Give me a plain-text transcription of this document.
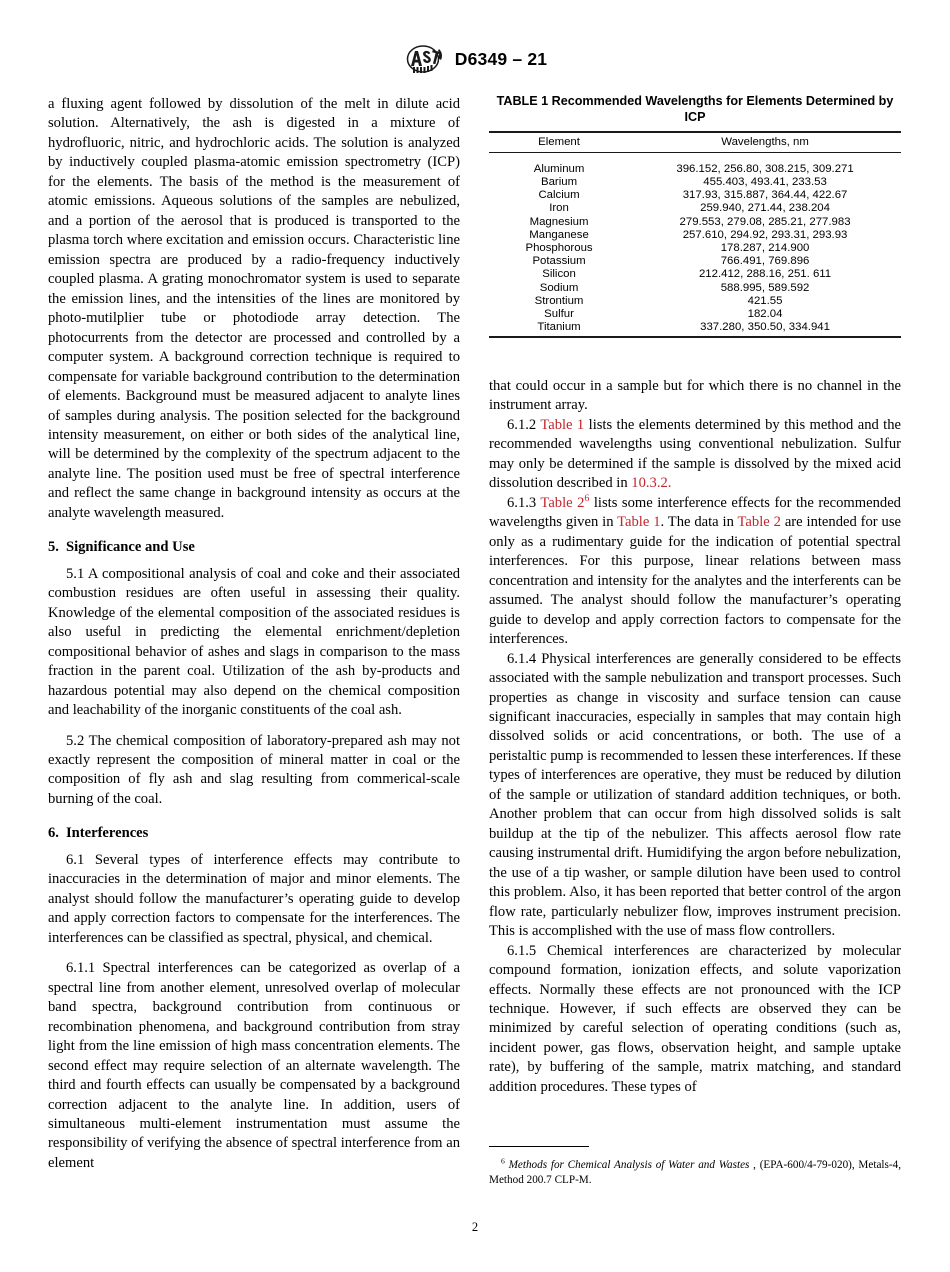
D6349 – 21
TABLE 1 Recommended Wavelengths for Elements Determined by ICP
Element	Wavelengths, nm

Aluminum	396.152, 256.80, 308.215, 309.271
Barium	455.403, 493.41, 233.53
Calcium	317.93, 315.887, 364.44, 422.67
Iron	259.940, 271.44, 238.204
Magnesium	279.553, 279.08, 285.21, 277.983
Manganese	257.610, 294.92, 293.31, 293.93
Phosphorous	178.287, 214.900
Potassium	766.491, 769.896
Silicon	212.412, 288.16, 251. 611
Sodium	588.995, 589.592
Strontium	421.55
Sulfur	182.04
Titanium	337.280, 350.50, 334.941

a fluxing agent followed by dissolution of the melt in dilute acid solution. Alternatively, the ash is digested in a mixture of hydrofluoric, nitric, and hydrochloric acids. The solution is analyzed by inductively coupled plasma-atomic emission spectrometry (ICP) for the elements. The basis of the method is the measurement of atomic emissions. Aqueous solutions of the samples are nebulized, and a portion of the aerosol that is produced is transported to the plasma torch where excitation and emission occurs. Characteristic line emission spectra are produced by a radio-frequency inductively coupled plasma. A grating monochromator system is used to separate the emission lines, and the intensities of the lines are monitored by photo-mutilplier tube or photodiode array detection. The photocurrents from the detector are processed and controlled by a computer system. A background correction technique is required to compensate for variable background contribution to the determination of elements. Background must be measured adjacent to analyte lines of samples during analysis. The position selected for the background intensity measurement, on either or both sides of the analytical line, will be determined by the complexity of the spectrum adjacent to the analyte line. The position used must be free of spectral interference and reflect the same change in background intensity as occurs at the analyte wavelength measured.

5. Significance and Use

5.1 A compositional analysis of coal and coke and their associated combustion residues are often useful in assessing their quality. Knowledge of the elemental composition of the associated residues is also useful in predicting the elemental enrichment/depletion compositional behavior of ashes and slags in comparison to the mass fraction in the parent coal. Utilization of the ash by-products and hazardous potential may also depend on the chemical composition and leachability of the inorganic constituents of the coal ash.

5.2 The chemical composition of laboratory-prepared ash may not exactly represent the composition of mineral matter in coal or the composition of fly ash and slag resulting from commerical-scale burning of the coal.

6. Interferences

6.1 Several types of interference effects may contribute to inaccuracies in the determination of major and minor elements. The analyst should follow the manufacturer’s operating guide to develop and apply correction factors to compensate for the interferences. The interferences can be classified as spectral, physical, and chemical.

6.1.1 Spectral interferences can be categorized as overlap of a spectral line from another element, unresolved overlap of molecular band spectra, background contribution from continuous or recombination phenomena, and background contribution from stray light from the line emission of high mass concentration elements. The second effect may require selection of an alternate wavelength. The third and fourth effects can usually be compensated by a background correction adjacent to the analyte line. In addition, users of simultaneous multi-element instrumentation must assume the responsibility of verifying the absence of spectral interference from an element

that could occur in a sample but for which there is no channel in the instrument array.

6.1.2 Table 1 lists the elements determined by this method and the recommended wavelengths using conventional nebulization. Sulfur may only be determined if the sample is dissolved by the mixed acid dissolution described in 10.3.2.

6.1.3 Table $2^6$ lists some interference effects for the recommended wavelengths given in Table 1. The data in Table 2 are intended for use only as a rudimentary guide for the indication of potential spectral interferences. For this purpose, linear relations between mass concentration and intensity for the analytes and the interferents can be assumed. The analyst should follow the manufacturer’s operating guide to develop and apply correction factors to compensate for the interferences.

6.1.4 Physical interferences are generally considered to be effects associated with the sample nebulization and transport processes. Such properties as change in viscosity and surface tension can cause significant inaccuracies, especially in samples that may contain high dissolved solids or acid concentrations, or both. The use of a peristaltic pump is recommended to lessen these interferences. If these types of interferences are operative, they must be reduced by dilution of the sample or utilization of standard addition techniques, or both. Another problem that can occur from high dissolved solids is salt buildup at the tip of the nebulizer. This affects aerosol flow rate causing instrumental drift. Humidifying the argon before nebulization, the use of a tip washer, or sample dilution have been used to control this problem. Also, it has been reported that better control of the argon flow rate, particularly nebulizer flow, improves instrument precision. This is accomplished with the use of mass flow controllers.

6.1.5 Chemical interferences are characterized by molecular compound formation, ionization effects, and solute vaporization effects. Normally these effects are not pronounced with the ICP technique. However, if such effects are observed they can be minimized by careful selection of operating conditions (such as, incident power, gas flows, observation height, and sample uptake rate), by buffering of the sample, matrix matching, and standard addition procedures. These types of

$^6$ Methods for Chemical Analysis of Water and Wastes , (EPA-600/4-79-020), Metals-4, Method 200.7 CLP-M.

2
